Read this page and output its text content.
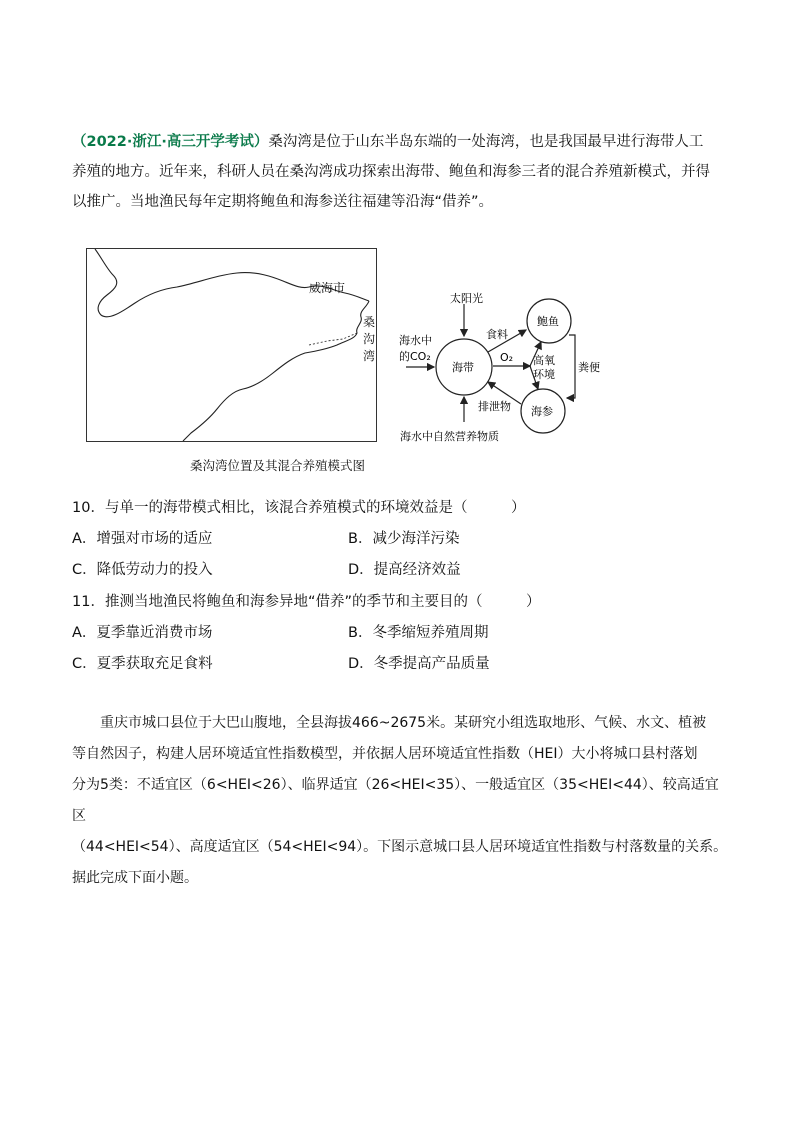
（2022·浙江·高三开学考试）桑沟湾是位于山东半岛东端的一处海湾，也是我国最早进行海带人工
养殖的地方。近年来，科研人员在桑沟湾成功探索出海带、鲍鱼和海参三者的混合养殖新模式，并得
以推广。当地渔民每年定期将鲍鱼和海参送往福建等沿海“借养”。
威海市
桑沟湾
太阳光
食料
海水中
的CO₂
海带
鲍鱼
海参
O₂ 高氧
环境
粪便
排泄物
海水中自然营养物质
桑沟湾位置及其混合养殖模式图
10．与单一的海带模式相比，该混合养殖模式的环境效益是（　　　）
A．增强对市场的适应	B．减少海洋污染
C．降低劳动力的投入	D．提高经济效益
11．推测当地渔民将鲍鱼和海参异地“借养”的季节和主要目的（　　　）
A．夏季靠近消费市场	B．冬季缩短养殖周期
C．夏季获取充足食料	D．冬季提高产品质量
重庆市城口县位于大巴山腹地，全县海拔466~2675米。某研究小组选取地形、气候、水文、植被
等自然因子，构建人居环境适宜性指数模型，并依据人居环境适宜性指数（HEI）大小将城口县村落划
分为5类：不适宜区（6<HEI<26）、临界适宜（26<HEI<35）、一般适宜区（35<HEI<44）、较高适宜区
（44<HEI<54）、高度适宜区（54<HEI<94）。下图示意城口县人居环境适宜性指数与村落数量的关系。
据此完成下面小题。
